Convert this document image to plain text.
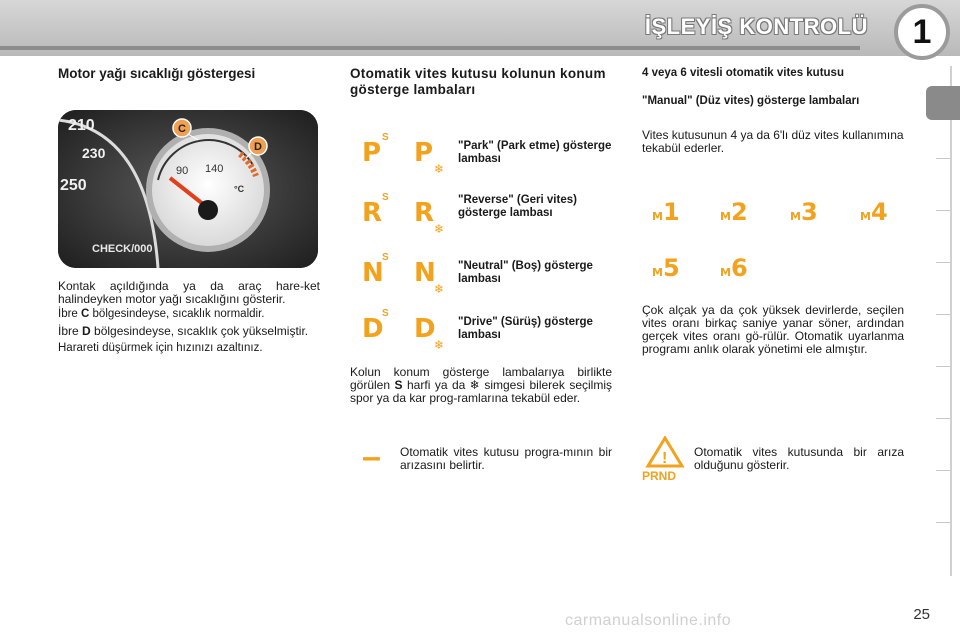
İŞLEYİŞ KONTROLÜ	1
Motor yağı sıcaklığı göstergesi
210
230
250
90 140
°C
C
D
CHECK/000

Kontak açıldığında ya da araç hare-ket halindeyken motor yağı sıcaklığını gösterir.

İbre C bölgesindeyse, sıcaklık normaldir.

İbre D bölgesindeyse, sıcaklık çok yükselmiştir.

Harareti düşürmek için hızınızı azaltınız.

Otomatik vites kutusu kolunun konum gösterge lambaları
S
P P
❄
"Park" (Park etme) gösterge lambası
S
R R
❄
"Reverse" (Geri vites) gösterge lambası
S
N N
❄
"Neutral" (Boş) gösterge lambası
S
D D
❄
"Drive" (Sürüş) gösterge lambası

Kolun konum gösterge lambalarıya birlikte görülen S harfi ya da ❄ simgesi bilerek seçilmiş spor ya da kar prog-ramlarına tekabül eder.

– Otomatik vites kutusu progra-mının bir arızasını belirtir.

4 veya 6 vitesli otomatik vites kutusu
"Manual" (Düz vites) gösterge lambaları

Vites kutusunun 4 ya da 6'lı düz vites kullanımına tekabül ederler.

M1	M2	M3	M4
M5	M6

Çok alçak ya da çok yüksek devirlerde, seçilen vites oranı birkaç saniye yanar söner, ardından gerçek vites oranı gö-rülür. Otomatik uyarlanma programı anlık olarak yönetimi ele almıştır.

!
PRND

Otomatik vites kutusunda bir arıza olduğunu gösterir.

carmanualsonline.info	25
